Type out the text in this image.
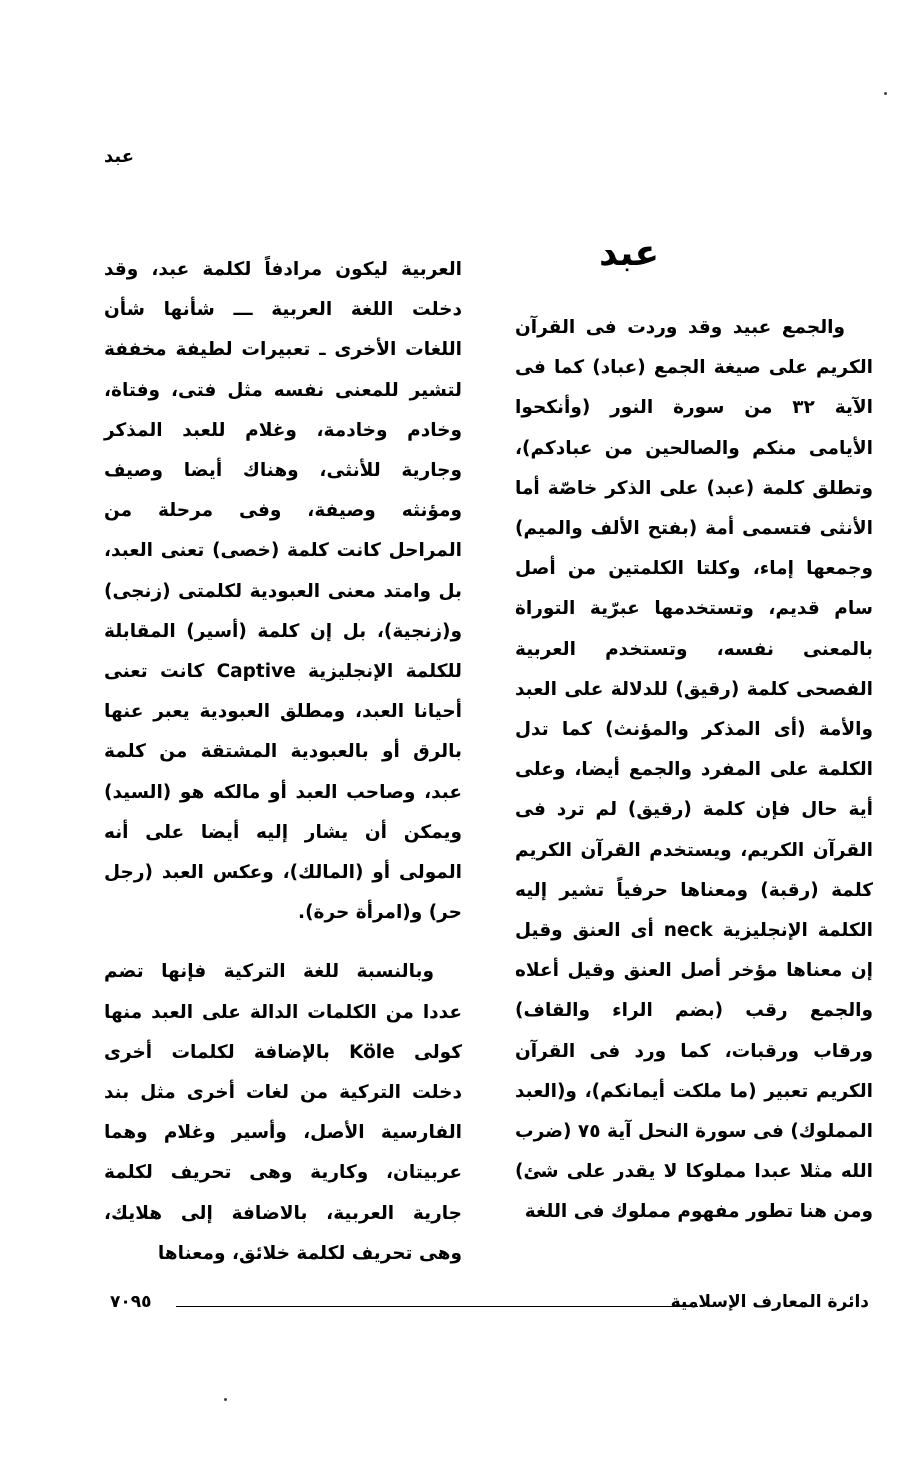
عبد
عبد

والجمع عبيد وقد وردت فى القرآن الكريم على صيغة الجمع (عباد) كما فى الآية ٣٢ من سورة النور (وأنكحوا الأيامى منكم والصالحين من عبادكم)، وتطلق كلمة (عبد) على الذكر خاصّة أما الأنثى فتسمى أمة (بفتح الألف والميم) وجمعها إماء، وكلتا الكلمتين من أصل سام قديم، وتستخدمها عبرّية التوراة بالمعنى نفسه، وتستخدم العربية الفصحى كلمة (رقيق) للدلالة على العبد والأمة (أى المذكر والمؤنث) كما تدل الكلمة على المفرد والجمع أيضا، وعلى أية حال فإن كلمة (رقيق) لم ترد فى القرآن الكريم، ويستخدم القرآن الكريم كلمة (رقبة) ومعناها حرفياً تشير إليه الكلمة الإنجليزية neck أى العنق وقيل إن معناها مؤخر أصل العنق وقيل أعلاه والجمع رقب (بضم الراء والقاف) ورقاب ورقبات، كما ورد فى القرآن الكريم تعبير (ما ملكت أيمانكم)، و(العبد المملوك) فى سورة النحل آية ٧٥ (ضرب الله مثلا عبدا مملوكا لا يقدر على شئ) ومن هنا تطور مفهوم مملوك فى اللغة

العربية ليكون مرادفاً لكلمة عبد، وقد دخلت اللغة العربية ـــ شأنها شأن اللغات الأخرى ـ تعبيرات لطيفة مخففة لتشير للمعنى نفسه مثل فتى، وفتاة، وخادم وخادمة، وغلام للعبد المذكر وجارية للأنثى، وهناك أيضا وصيف ومؤنثه وصيفة، وفى مرحلة من المراحل كانت كلمة (خصى) تعنى العبد، بل وامتد معنى العبودية لكلمتى (زنجى) و(زنجية)، بل إن كلمة (أسير) المقابلة للكلمة الإنجليزية Captive كانت تعنى أحيانا العبد، ومطلق العبودية يعبر عنها بالرق أو بالعبودية المشتقة من كلمة عبد، وصاحب العبد أو مالكه هو (السيد) ويمكن أن يشار إليه أيضا على أنه المولى أو (المالك)، وعكس العبد (رجل حر) و(امرأة حرة).

وبالنسبة للغة التركية فإنها تضم عددا من الكلمات الدالة على العبد منها كولى Köle بالإضافة لكلمات أخرى دخلت التركية من لغات أخرى مثل بند الفارسية الأصل، وأسير وغلام وهما عربيتان، وكارية وهى تحريف لكلمة جارية العربية، بالاضافة إلى هلايك، وهى تحريف لكلمة خلائق، ومعناها

دائرة المعارف الإسلامية
٧٠٩٥
